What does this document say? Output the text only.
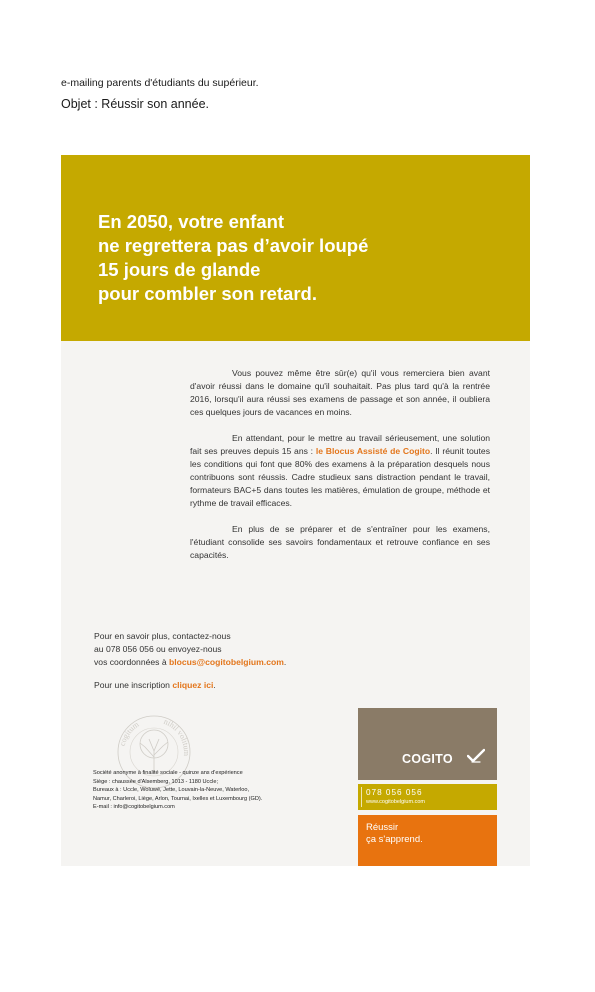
e-mailing parents d'étudiants du supérieur.
Objet : Réussir son année.
En 2050, votre enfant
ne regrettera pas d’avoir loupé
15 jours de glande
pour combler son retard.

Vous pouvez même être sûr(e) qu'il vous remerciera bien avant d'avoir réussi dans le domaine qu'il souhaitait. Pas plus tard qu'à la rentrée 2016, lorsqu'il aura réussi ses examens de passage et son année, il oubliera ces quelques jours de vacances en moins.

En attendant, pour le mettre au travail sérieusement, une solution fait ses preuves depuis 15 ans : le Blocus Assisté de Cogito. Il réunit toutes les conditions qui font que 80% des examens à la préparation desquels nous contribuons sont réussis. Cadre studieux sans distraction pendant le travail, formateurs BAC+5 dans toutes les matières, émulation de groupe, méthode et rythme de travail efficaces.

En plus de se préparer et de s'entraîner pour les examens, l'étudiant consolide ses savoirs fondamentaux et retrouve confiance en ses capacités.

Pour en savoir plus, contactez-nous
au 078 056 056 ou envoyez-nous
vos coordonnées à blocus@cogitobelgium.com.
Pour une inscription cliquez ici.
cogitum	nihil volitum
Société anonyme à finalité sociale - quinze ans d'expérience
Siège : chaussée d'Alsemberg, 1013 - 1180 Uccle;
Bureaux à : Uccle, Woluwé, Jette, Louvain-la-Neuve, Waterloo,
Namur, Charleroi, Liège, Arlon, Tournai, Ixelles et Luxembourg (GD).
E-mail : info@cogitobelgium.com
COGITO
078 056 056
www.cogitobelgium.com
Réussir
ça s'apprend.
